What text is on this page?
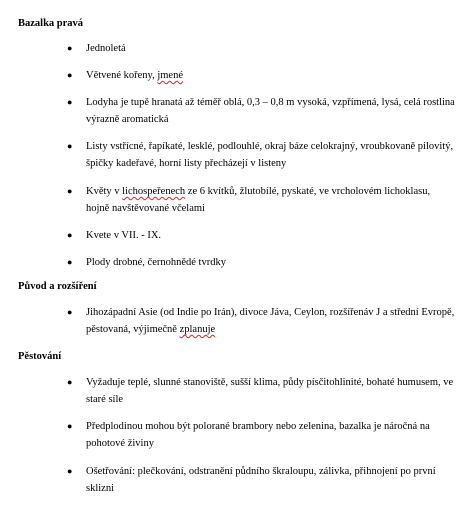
Bazalka pravá
● Jednoletá
● Větvené kořeny, jmené
● Lodyha je tupě hranatá až téměř oblá, 0,3 – 0,8 m vysoká, vzpřímená, lysá, celá rostlina výrazně aromatická
● Listy vstřícné, řapíkaté, lesklé, podlouhlé, okraj báze celokrajný, vroubkovaně pilovitý, špičky kadeřavé, horní listy přecházejí v listeny
● Květy v lichospeřenech ze 6 kvítků, žlutobílé, pyskaté, ve vrcholovém lichoklasu, hojně navštěvované včelami
● Kvete v VII. - IX.
● Plody drobné, černohnědé tvrdky
Původ a rozšíření
● Jihozápadní Asie (od Indie po Irán), divoce Jáva, Ceylon, rozšířenáv J a střední Evropě, pěstovaná, výjimečně zplanuje
Pěstování
● Vyžaduje teplé, slunné stanoviště, sušší klima, půdy písčitohlinité, bohaté humusem, ve staré síle
● Předplodinou mohou být polorané brambory nebo zelenina, bazalka je náročná na pohotové živiny
● Ošetřování: plečkování, odstranění půdního škraloupu, zálivka, přihnojení po první sklizni
